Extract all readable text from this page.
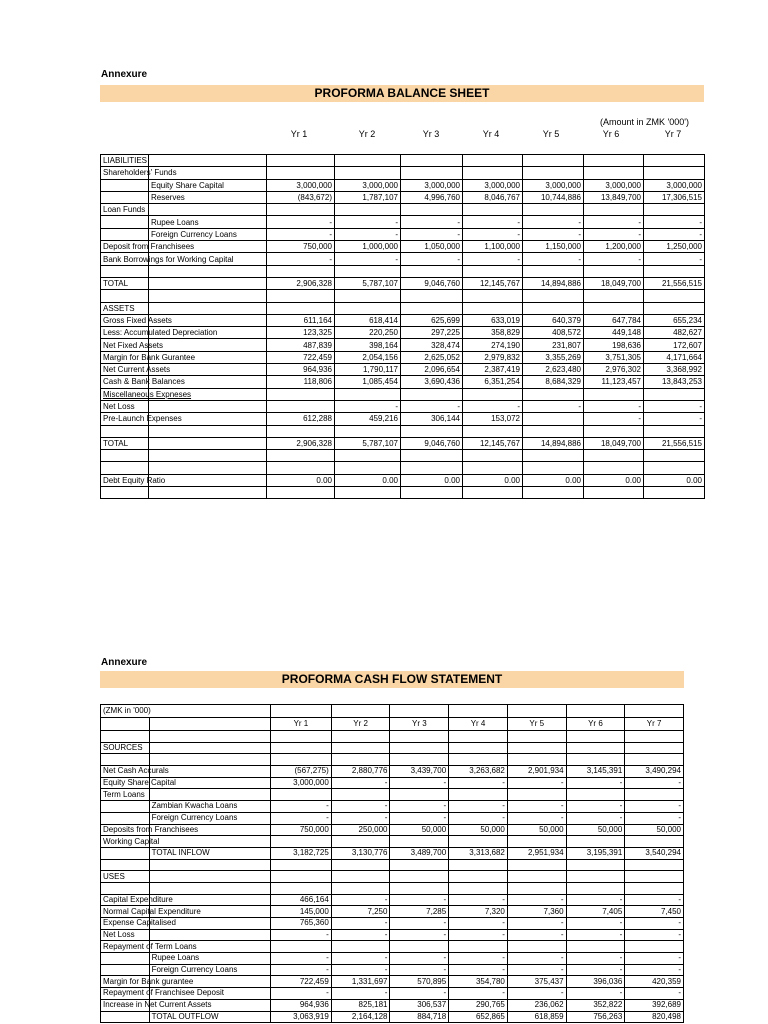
Annexure
PROFORMA BALANCE SHEET
(Amount in ZMK '000')
Yr 1	Yr 2	Yr 3	Yr 4	Yr 5	Yr 6	Yr 7
LIABILITIES								
Shareholders' Funds								
	Equity Share Capital	3,000,000	3,000,000	3,000,000	3,000,000	3,000,000	3,000,000	3,000,000
	Reserves	(843,672)	1,787,107	4,996,760	8,046,767	10,744,886	13,849,700	17,306,515
Loan Funds								
	Rupee Loans	-	-	-	-	-	-	-
	Foreign Currency Loans	-	-	-	-	-	-	-
Deposit from Franchisees		750,000	1,000,000	1,050,000	1,100,000	1,150,000	1,200,000	1,250,000
Bank Borrowings for Working Capital		-	-	-	-	-	-	-

TOTAL		2,906,328	5,787,107	9,046,760	12,145,767	14,894,886	18,049,700	21,556,515

ASSETS								
Gross Fixed Assets		611,164	618,414	625,699	633,019	640,379	647,784	655,234
Less: Accumulated Depreciation		123,325	220,250	297,225	358,829	408,572	449,148	482,627
Net Fixed Assets		487,839	398,164	328,474	274,190	231,807	198,636	172,607
Margin for Bank Gurantee		722,459	2,054,156	2,625,052	2,979,832	3,355,269	3,751,305	4,171,664
Net Current Assets		964,936	1,790,117	2,096,654	2,387,419	2,623,480	2,976,302	3,368,992
Cash & Bank Balances		118,806	1,085,454	3,690,436	6,351,254	8,684,329	11,123,457	13,843,253
Miscellaneous Expneses								
Net Loss			-	-	-	-	-	-
Pre-Launch Expenses		612,288	459,216	306,144	153,072		-	-

TOTAL		2,906,328	5,787,107	9,046,760	12,145,767	14,894,886	18,049,700	21,556,515

Debt Equity Ratio		0.00	0.00	0.00	0.00	0.00	0.00	0.00

Annexure
PROFORMA CASH FLOW STATEMENT
(ZMK in '000)								
		Yr 1	Yr 2	Yr 3	Yr 4	Yr 5	Yr 6	Yr 7

SOURCES								

Net Cash Accurals		(567,275)	2,880,776	3,439,700	3,263,682	2,901,934	3,145,391	3,490,294
Equity Share Capital		3,000,000	-	-	-	-	-	-
Term Loans								
	Zambian Kwacha Loans	-	-	-	-	-	-	-
	Foreign Currency Loans	-	-	-	-	-	-	-
Deposits from Franchisees		750,000	250,000	50,000	50,000	50,000	50,000	50,000
Working Capital								
	TOTAL INFLOW	3,182,725	3,130,776	3,489,700	3,313,682	2,951,934	3,195,391	3,540,294

USES								

Capital Expenditure		466,164	-	-	-	-	-	-
Normal Capital Expenditure		145,000	7,250	7,285	7,320	7,360	7,405	7,450
Expense Capitalised		765,360	-	-	-	-	-	-
Net Loss		-	-	-	-	-	-	-
Repayment of Term Loans								
	Rupee Loans	-	-	-	-	-	-	-
	Foreign Currency Loans	-	-	-	-	-	-	-
Margin for Bank gurantee		722,459	1,331,697	570,895	354,780	375,437	396,036	420,359
Repayment of Franchisee Deposit		-	-	-	-	-	-	-
Increase in Net Current Assets		964,936	825,181	306,537	290,765	236,062	352,822	392,689
	TOTAL OUTFLOW	3,063,919	2,164,128	884,718	652,865	618,859	756,263	820,498
